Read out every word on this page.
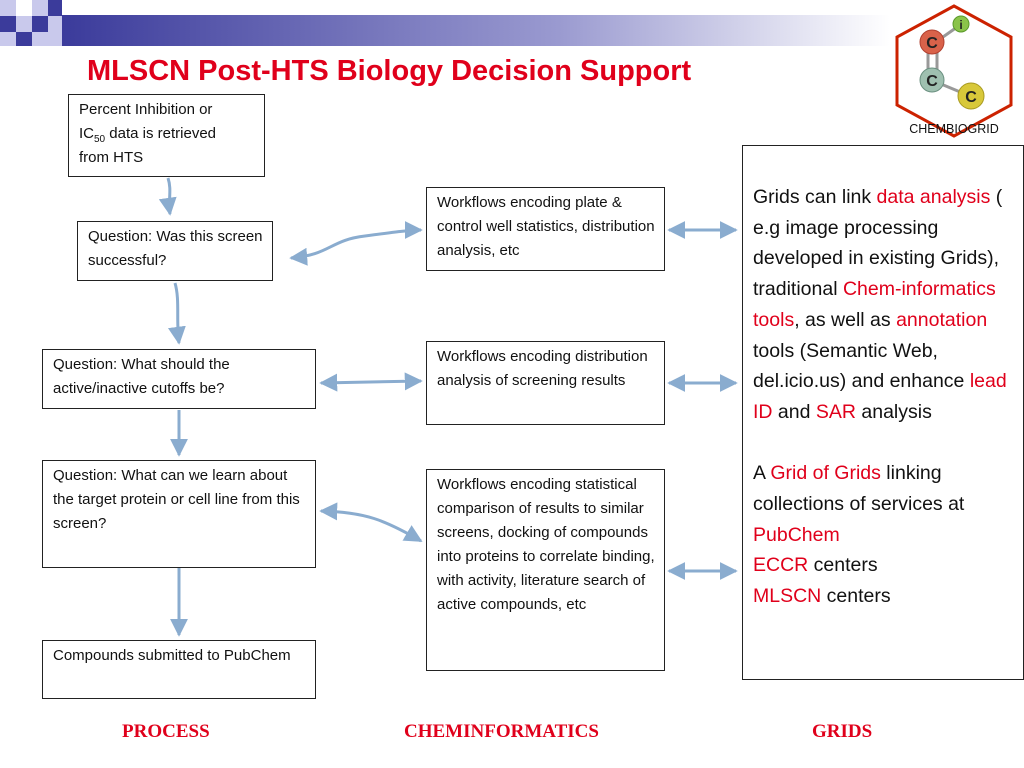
MLSCN Post-HTS Biology Decision Support
C
i
C
C
CHEMBIOGRID

Percent Inhibition or
$IC_{50}$ data is retrieved
from HTS

Question: Was this screen successful?

Question: What should the active/inactive cutoffs be?

Question: What can we learn about the target protein or cell line from this screen?

Compounds submitted to PubChem

Workflows encoding plate & control well statistics, distribution analysis, etc

Workflows encoding distribution analysis of screening results

Workflows encoding statistical comparison of results to similar screens, docking of compounds into proteins to correlate binding, with activity, literature search of active compounds, etc

Grids can link data analysis ( e.g image processing developed in existing Grids), traditional Chem-informatics tools, as well as annotation tools (Semantic Web, del.icio.us) and enhance lead ID and SAR analysis

A Grid of Grids linking collections of services at
PubChem
ECCR centers
MLSCN centers

PROCESS	CHEMINFORMATICS	GRIDS
